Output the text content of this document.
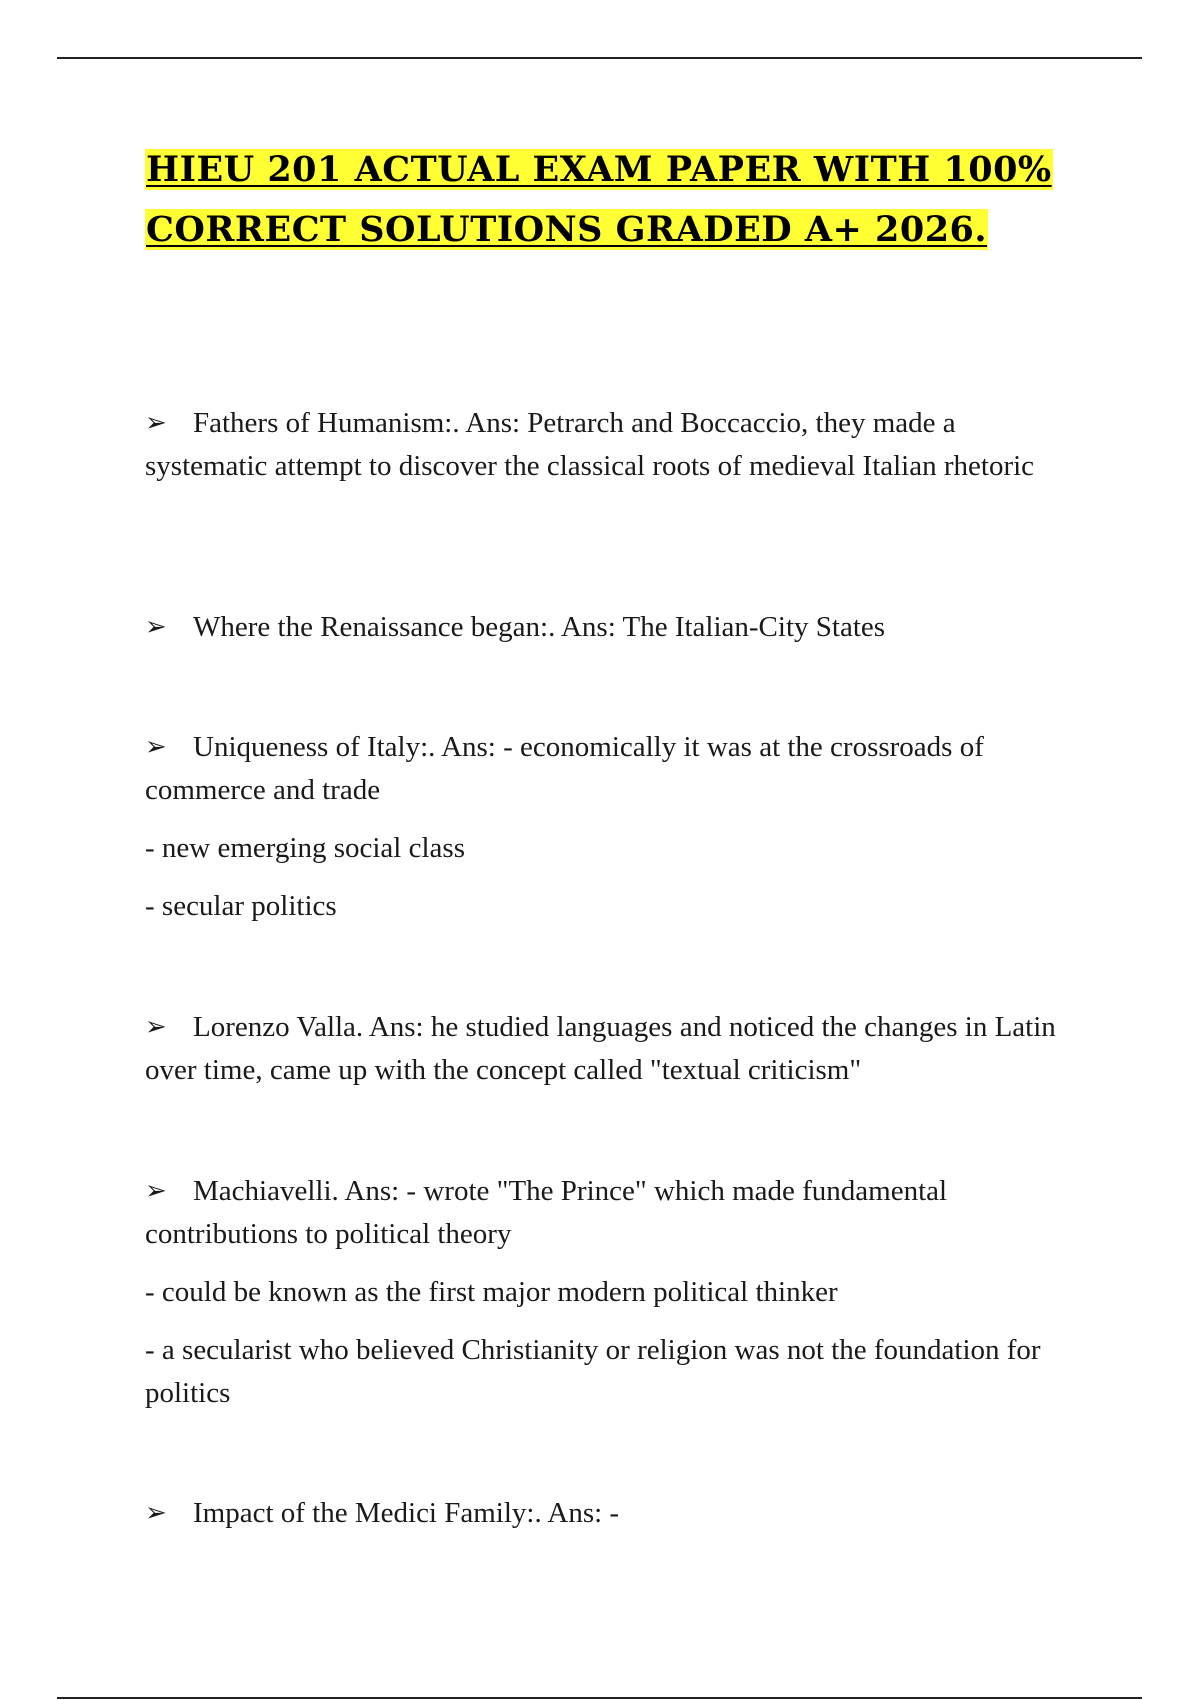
HIEU 201 ACTUAL EXAM PAPER WITH 100% CORRECT SOLUTIONS GRADED A+ 2026.

➢ Fathers of Humanism:. Ans: Petrarch and Boccaccio, they made a systematic attempt to discover the classical roots of medieval Italian rhetoric

➢ Where the Renaissance began:. Ans: The Italian-City States

➢ Uniqueness of Italy:. Ans: - economically it was at the crossroads of commerce and trade

- new emerging social class

- secular politics

➢ Lorenzo Valla. Ans: he studied languages and noticed the changes in Latin over time, came up with the concept called "textual criticism"

➢ Machiavelli. Ans: - wrote "The Prince" which made fundamental contributions to political theory

- could be known as the first major modern political thinker

- a secularist who believed Christianity or religion was not the foundation for politics

➢ Impact of the Medici Family:. Ans: -
